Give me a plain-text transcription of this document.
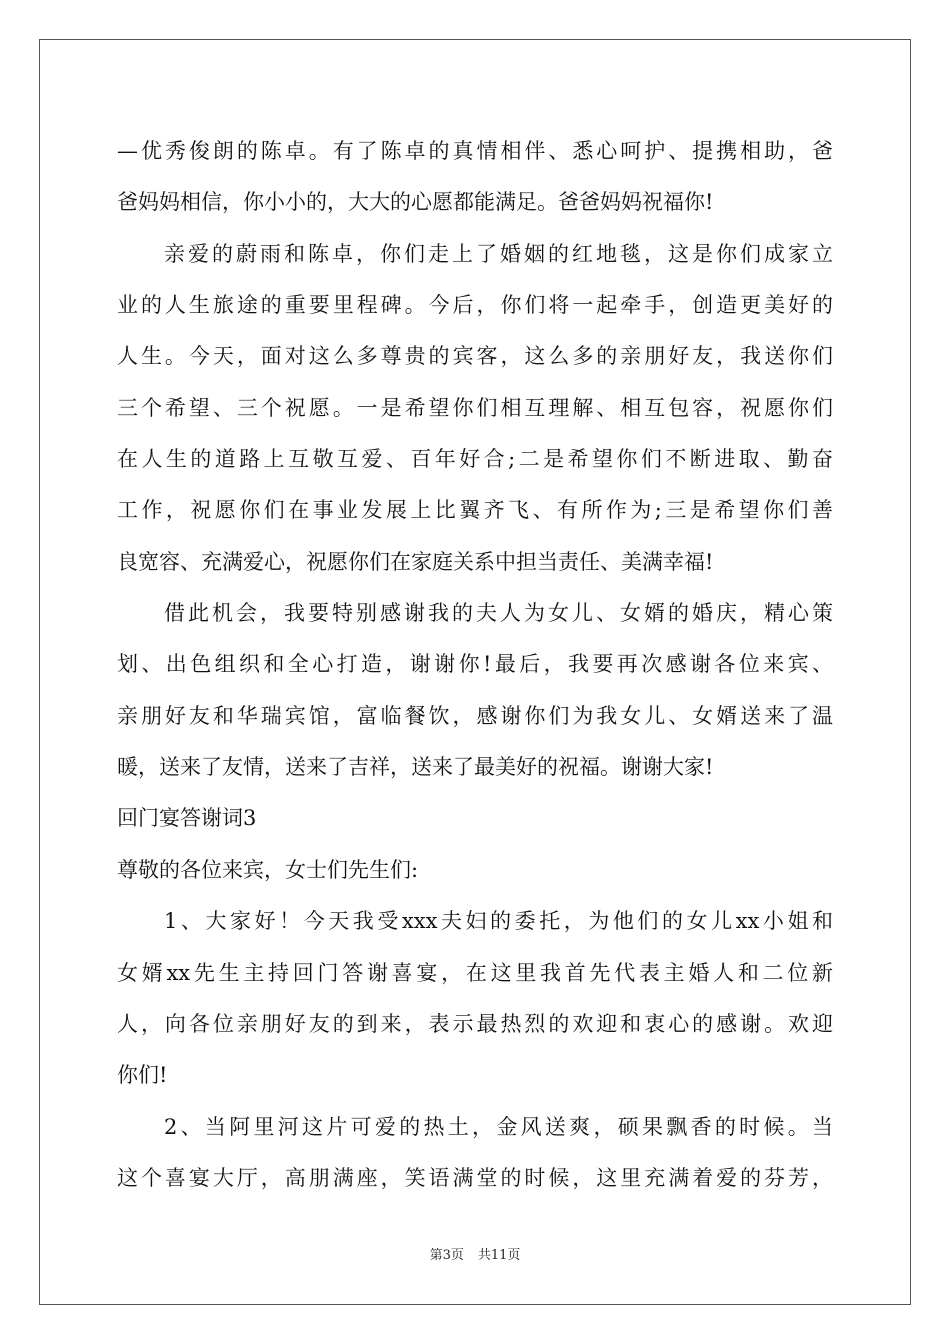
—优秀俊朗的陈卓。有了陈卓的真情相伴、悉心呵护、提携相助，爸
爸妈妈相信，你小小的，大大的心愿都能满足。爸爸妈妈祝福你!
亲爱的蔚雨和陈卓，你们走上了婚姻的红地毯，这是你们成家立
业的人生旅途的重要里程碑。今后，你们将一起牵手，创造更美好的
人生。今天，面对这么多尊贵的宾客，这么多的亲朋好友，我送你们
三个希望、三个祝愿。一是希望你们相互理解、相互包容，祝愿你们
在人生的道路上互敬互爱、百年好合;二是希望你们不断进取、勤奋
工作，祝愿你们在事业发展上比翼齐飞、有所作为;三是希望你们善
良宽容、充满爱心，祝愿你们在家庭关系中担当责任、美满幸福!
借此机会，我要特别感谢我的夫人为女儿、女婿的婚庆，精心策
划、出色组织和全心打造，谢谢你!最后，我要再次感谢各位来宾、
亲朋好友和华瑞宾馆，富临餐饮，感谢你们为我女儿、女婿送来了温
暖，送来了友情，送来了吉祥，送来了最美好的祝福。谢谢大家!
回门宴答谢词3
尊敬的各位来宾，女士们先生们:
1、大家好！今天我受xxx夫妇的委托，为他们的女儿xx小姐和
女婿xx先生主持回门答谢喜宴，在这里我首先代表主婚人和二位新
人，向各位亲朋好友的到来，表示最热烈的欢迎和衷心的感谢。欢迎
你们!
2、当阿里河这片可爱的热土，金风送爽，硕果飘香的时候。当
这个喜宴大厅，高朋满座，笑语满堂的时候，这里充满着爱的芬芳，
第3页 共11页
